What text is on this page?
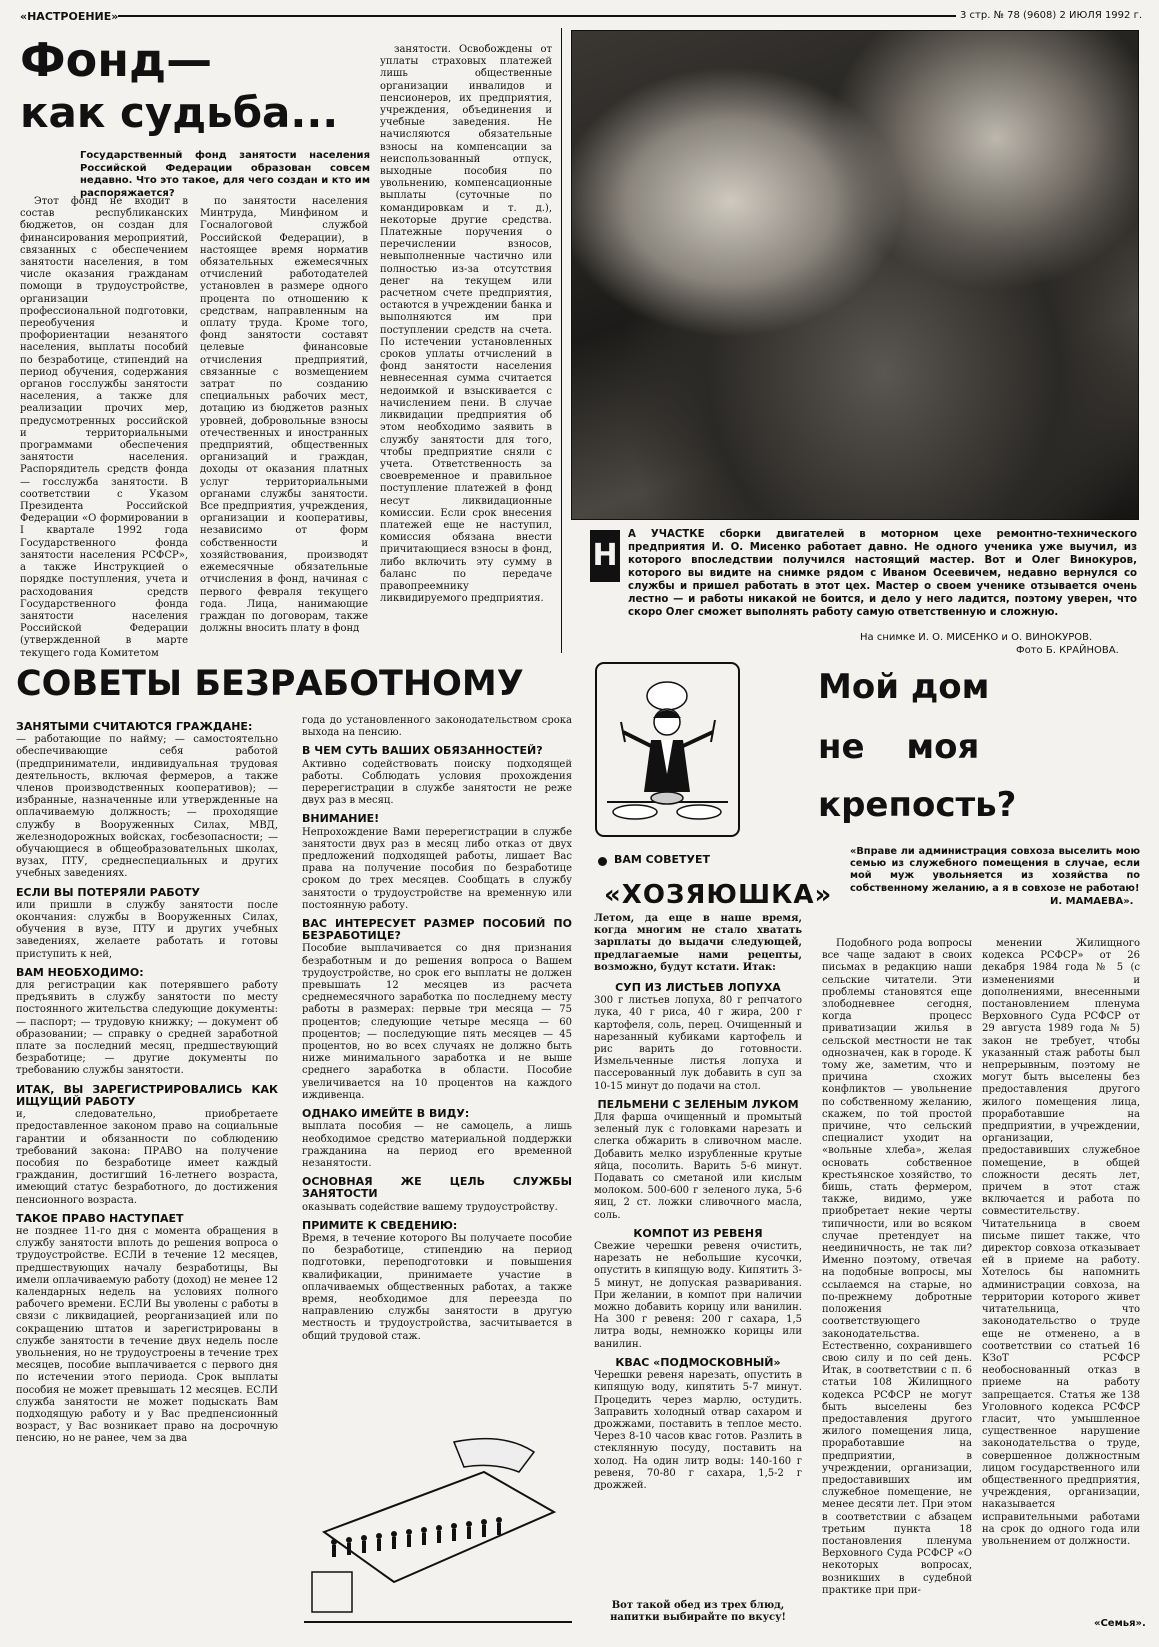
«НАСТРОЕНИЕ»	3 стр. № 78 (9608) 2 ИЮЛЯ 1992 г.
Фонд—
как судьба...
Государственный фонд занятости населения Российской Федерации образован совсем недавно. Что это такое, для чего создан и кто им распоряжается?

Этот фонд не входит в состав республиканских бюджетов, он создан для финансирования мероприятий, связанных с обеспечением занятости населения, в том числе оказания гражданам помощи в трудоустройстве, организации профессиональной подготовки, переобучения и профориентации незанятого населения, выплаты пособий по безработице, стипендий на период обучения, содержания органов госслужбы занятости населения, а также для реализации прочих мер, предусмотренных российской и территориальными программами обеспечения занятости населения. Распорядитель средств фонда — госслужба занятости. В соответствии с Указом Президента Российской Федерации «О формировании в I квартале 1992 года Государственного фонда занятости населения РСФСР», а также Инструкцией о порядке поступления, учета и расходования средств Государственного фонда занятости населения Российской Федерации (утвержденной в марте текущего года Комитетом

по занятости населения Минтруда, Минфином и Госналоговой службой Российской Федерации), в настоящее время норматив обязательных ежемесячных отчислений работодателей установлен в размере одного процента по отношению к средствам, направленным на оплату труда. Кроме того, фонд занятости составят целевые финансовые отчисления предприятий, связанные с возмещением затрат по созданию специальных рабочих мест, дотацию из бюджетов разных уровней, добровольные взносы отечественных и иностранных предприятий, общественных организаций и граждан, доходы от оказания платных услуг территориальными органами службы занятости. Все предприятия, учреждения, организации и кооперативы, независимо от форм собственности и хозяйствования, производят ежемесячные обязательные отчисления в фонд, начиная с первого февраля текущего года. Лица, нанимающие граждан по договорам, также должны вносить плату в фонд

занятости. Освобождены от уплаты страховых платежей лишь общественные организации инвалидов и пенсионеров, их предприятия, учреждения, объединения и учебные заведения. Не начисляются обязательные взносы на компенсации за неиспользованный отпуск, выходные пособия по увольнению, компенсационные выплаты (суточные по командировкам и т. д.), некоторые другие средства. Платежные поручения о перечислении взносов, невыполненные частично или полностью из-за отсутствия денег на текущем или расчетном счете предприятия, остаются в учреждении банка и выполняются им при поступлении средств на счета. По истечении установленных сроков уплаты отчислений в фонд занятости населения невнесенная сумма считается недоимкой и взыскивается с начислением пени. В случае ликвидации предприятия об этом необходимо заявить в службу занятости для того, чтобы предприятие сняли с учета. Ответственность за своевременное и правильное поступление платежей в фонд несут ликвидационные комиссии. Если срок внесения платежей еще не наступил, комиссия обязана внести причитающиеся взносы в фонд, либо включить эту сумму в баланс по передаче правопреемнику ликвидируемого предприятия.

Н
А УЧАСТКЕ сборки двигателей в моторном цехе ремонтно-технического предприятия И. О. Мисенко работает давно. Не одного ученика уже выучил, из которого впоследствии получился настоящий мастер. Вот и Олег Винокуров, которого вы видите на снимке рядом с Иваном Осеевичем, недавно вернулся со службы и пришел работать в этот цех. Мастер о своем ученике отзывается очень лестно — и работы никакой не боится, и дело у него ладится, поэтому уверен, что скоро Олег сможет выполнять работу самую ответственную и сложную.
На снимке И. О. МИСЕНКО и О. ВИНОКУРОВ.
Фото Б. КРАЙНОВА.
СОВЕТЫ БЕЗРАБОТНОМУ
ЗАНЯТЫМИ СЧИТАЮТСЯ ГРАЖДАНЕ:
— работающие по найму; — самостоятельно обеспечивающие себя работой (предприниматели, индивидуальная трудовая деятельность, включая фермеров, а также членов производственных кооперативов); — избранные, назначенные или утвержденные на оплачиваемую должность; — проходящие службу в Вооруженных Силах, МВД, железнодорожных войсках, госбезопасности; — обучающиеся в общеобразовательных школах, вузах, ПТУ, среднеспециальных и других учебных заведениях.
ЕСЛИ ВЫ ПОТЕРЯЛИ РАБОТУ
или пришли в службу занятости после окончания: службы в Вооруженных Силах, обучения в вузе, ПТУ и других учебных заведениях, желаете работать и готовы приступить к ней,
ВАМ НЕОБХОДИМО:
для регистрации как потерявшего работу предъявить в службу занятости по месту постоянного жительства следующие документы: — паспорт; — трудовую книжку; — документ об образовании; — справку о средней заработной плате за последний месяц, предшествующий безработице; — другие документы по требованию службы занятости.
ИТАК, ВЫ ЗАРЕГИСТРИРОВАЛИСЬ КАК ИЩУЩИЙ РАБОТУ
и, следовательно, приобретаете предоставленное законом право на социальные гарантии и обязанности по соблюдению требований закона: ПРАВО на получение пособия по безработице имеет каждый гражданин, достигший 16-летнего возраста, имеющий статус безработного, до достижения пенсионного возраста.
ТАКОЕ ПРАВО НАСТУПАЕТ
не позднее 11-го дня с момента обращения в службу занятости вплоть до решения вопроса о трудоустройстве. ЕСЛИ в течение 12 месяцев, предшествующих началу безработицы, Вы имели оплачиваемую работу (доход) не менее 12 календарных недель на условиях полного рабочего времени. ЕСЛИ Вы уволены с работы в связи с ликвидацией, реорганизацией или по сокращению штатов и зарегистрированы в службе занятости в течение двух недель после увольнения, но не трудоустроены в течение трех месяцев, пособие выплачивается с первого дня по истечении этого периода. Срок выплаты пособия не может превышать 12 месяцев. ЕСЛИ служба занятости не может подыскать Вам подходящую работу и у Вас предпенсионный возраст, у Вас возникает право на досрочную пенсию, но не ранее, чем за два
года до установленного законодательством срока выхода на пенсию.
В ЧЕМ СУТЬ ВАШИХ ОБЯЗАННОСТЕЙ?
Активно содействовать поиску подходящей работы. Соблюдать условия прохождения перерегистрации в службе занятости не реже двух раз в месяц.
ВНИМАНИЕ!
Непрохождение Вами перерегистрации в службе занятости двух раз в месяц либо отказ от двух предложений подходящей работы, лишает Вас права на получение пособия по безработице сроком до трех месяцев. Сообщать в службу занятости о трудоустройстве на временную или постоянную работу.
ВАС ИНТЕРЕСУЕТ РАЗМЕР ПОСОБИЙ ПО БЕЗРАБОТИЦЕ?
Пособие выплачивается со дня признания безработным и до решения вопроса о Вашем трудоустройстве, но срок его выплаты не должен превышать 12 месяцев из расчета среднемесячного заработка по последнему месту работы в размерах: первые три месяца — 75 процентов; следующие четыре месяца — 60 процентов; — последующие пять месяцев — 45 процентов, но во всех случаях не должно быть ниже минимального заработка и не выше среднего заработка в области. Пособие увеличивается на 10 процентов на каждого иждивенца.
ОДНАКО ИМЕЙТЕ В ВИДУ:
выплата пособия — не самоцель, а лишь необходимое средство материальной поддержки гражданина на период его временной незанятости.
ОСНОВНАЯ ЖЕ ЦЕЛЬ СЛУЖБЫ ЗАНЯТОСТИ
оказывать содействие вашему трудоустройству.
ПРИМИТЕ К СВЕДЕНИЮ:
Время, в течение которого Вы получаете пособие по безработице, стипендию на период подготовки, переподготовки и повышения квалификации, принимаете участие в оплачиваемых общественных работах, а также время, необходимое для переезда по направлению службы занятости в другую местность и трудоустройства, засчитывается в общий трудовой стаж.
ВАМ СОВЕТУЕТ
«ХОЗЯЮШКА»
Летом, да еще в наше время, когда многим не стало хватать зарплаты до выдачи следующей, предлагаемые нами рецепты, возможно, будут кстати. Итак:
СУП ИЗ ЛИСТЬЕВ ЛОПУХА
300 г листьев лопуха, 80 г репчатого лука, 40 г риса, 40 г жира, 200 г картофеля, соль, перец. Очищенный и нарезанный кубиками картофель и рис варить до готовности. Измельченные листья лопуха и пассерованный лук добавить в суп за 10-15 минут до подачи на стол.
ПЕЛЬМЕНИ С ЗЕЛЕНЫМ ЛУКОМ
Для фарша очищенный и промытый зеленый лук с головками нарезать и слегка обжарить в сливочном масле. Добавить мелко изрубленные крутые яйца, посолить. Варить 5-6 минут. Подавать со сметаной или кислым молоком. 500-600 г зеленого лука, 5-6 яиц, 2 ст. ложки сливочного масла, соль.
КОМПОТ ИЗ РЕВЕНЯ
Свежие черешки ревеня очистить, нарезать не небольшие кусочки, опустить в кипящую воду. Кипятить 3-5 минут, не допуская разваривания. При желании, в компот при наличии можно добавить корицу или ванилин. На 300 г ревеня: 200 г сахара, 1,5 литра воды, немножко корицы или ванилин.
КВАС «ПОДМОСКОВНЫЙ»
Черешки ревеня нарезать, опустить в кипящую воду, кипятить 5-7 минут. Процедить через марлю, остудить. Заправить холодный отвар сахаром и дрожжами, поставить в теплое место. Через 8-10 часов квас готов. Разлить в стеклянную посуду, поставить на холод. На один литр воды: 140-160 г ревеня, 70-80 г сахара, 1,5-2 г дрожжей.
Вот такой обед из трех блюд, напитки выбирайте по вкусу!
Мой дом
не моя
крепость?
«Вправе ли администрация совхоза выселить мою семью из служебного помещения в случае, если мой муж увольняется из хозяйства по собственному желанию, а я в совхозе не работаю!
И. МАМАЕВА».

Подобного рода вопросы все чаще задают в своих письмах в редакцию наши сельские читатели. Эти проблемы становятся еще злободневнее сегодня, когда процесс приватизации жилья в сельской местности не так однозначен, как в городе. К тому же, заметим, что и причина схожих конфликтов — увольнение по собственному желанию, скажем, по той простой причине, что сельский специалист уходит на «вольные хлеба», желая основать собственное крестьянское хозяйство, то бишь, стать фермером, также, видимо, уже приобретает некие черты типичности, или во всяком случае претендует на неединичность, не так ли? Именно поэтому, отвечая на подобные вопросы, мы ссылаемся на старые, но по-прежнему добротные положения соответствующего законодательства. Естественно, сохранившего свою силу и по сей день. Итак, в соответствии с п. 6 статьи 108 Жилищного кодекса РСФСР не могут быть выселены без предоставления другого жилого помещения лица, проработавшие на предприятии, в учреждении, организации, предоставивших им служебное помещение, не менее десяти лет. При этом в соответствии с абзацем третьим пункта 18 постановления пленума Верховного Суда РСФСР «О некоторых вопросах, возникших в судебной практике при при-

менении Жилищного кодекса РСФСР» от 26 декабря 1984 года № 5 (с изменениями и дополнениями, внесенными постановлением пленума Верховного Суда РСФСР от 29 августа 1989 года № 5) закон не требует, чтобы указанный стаж работы был непрерывным, поэтому не могут быть выселены без предоставления другого жилого помещения лица, проработавшие на предприятии, в учреждении, организации, предоставивших служебное помещение, в общей сложности десять лет, причем в этот стаж включается и работа по совместительству. Читательница в своем письме пишет также, что директор совхоза отказывает ей в приеме на работу. Хотелось бы напомнить администрации совхоза, на территории которого живет читательница, что законодательство о труде еще не отменено, а в соответствии со статьей 16 КЗоТ РСФСР необоснованный отказ в приеме на работу запрещается. Статья же 138 Уголовного кодекса РСФСР гласит, что умышленное существенное нарушение законодательства о труде, совершенное должностным лицом государственного или общественного предприятия, учреждения, организации, наказывается исправительными работами на срок до одного года или увольнением от должности.

«Семья».
